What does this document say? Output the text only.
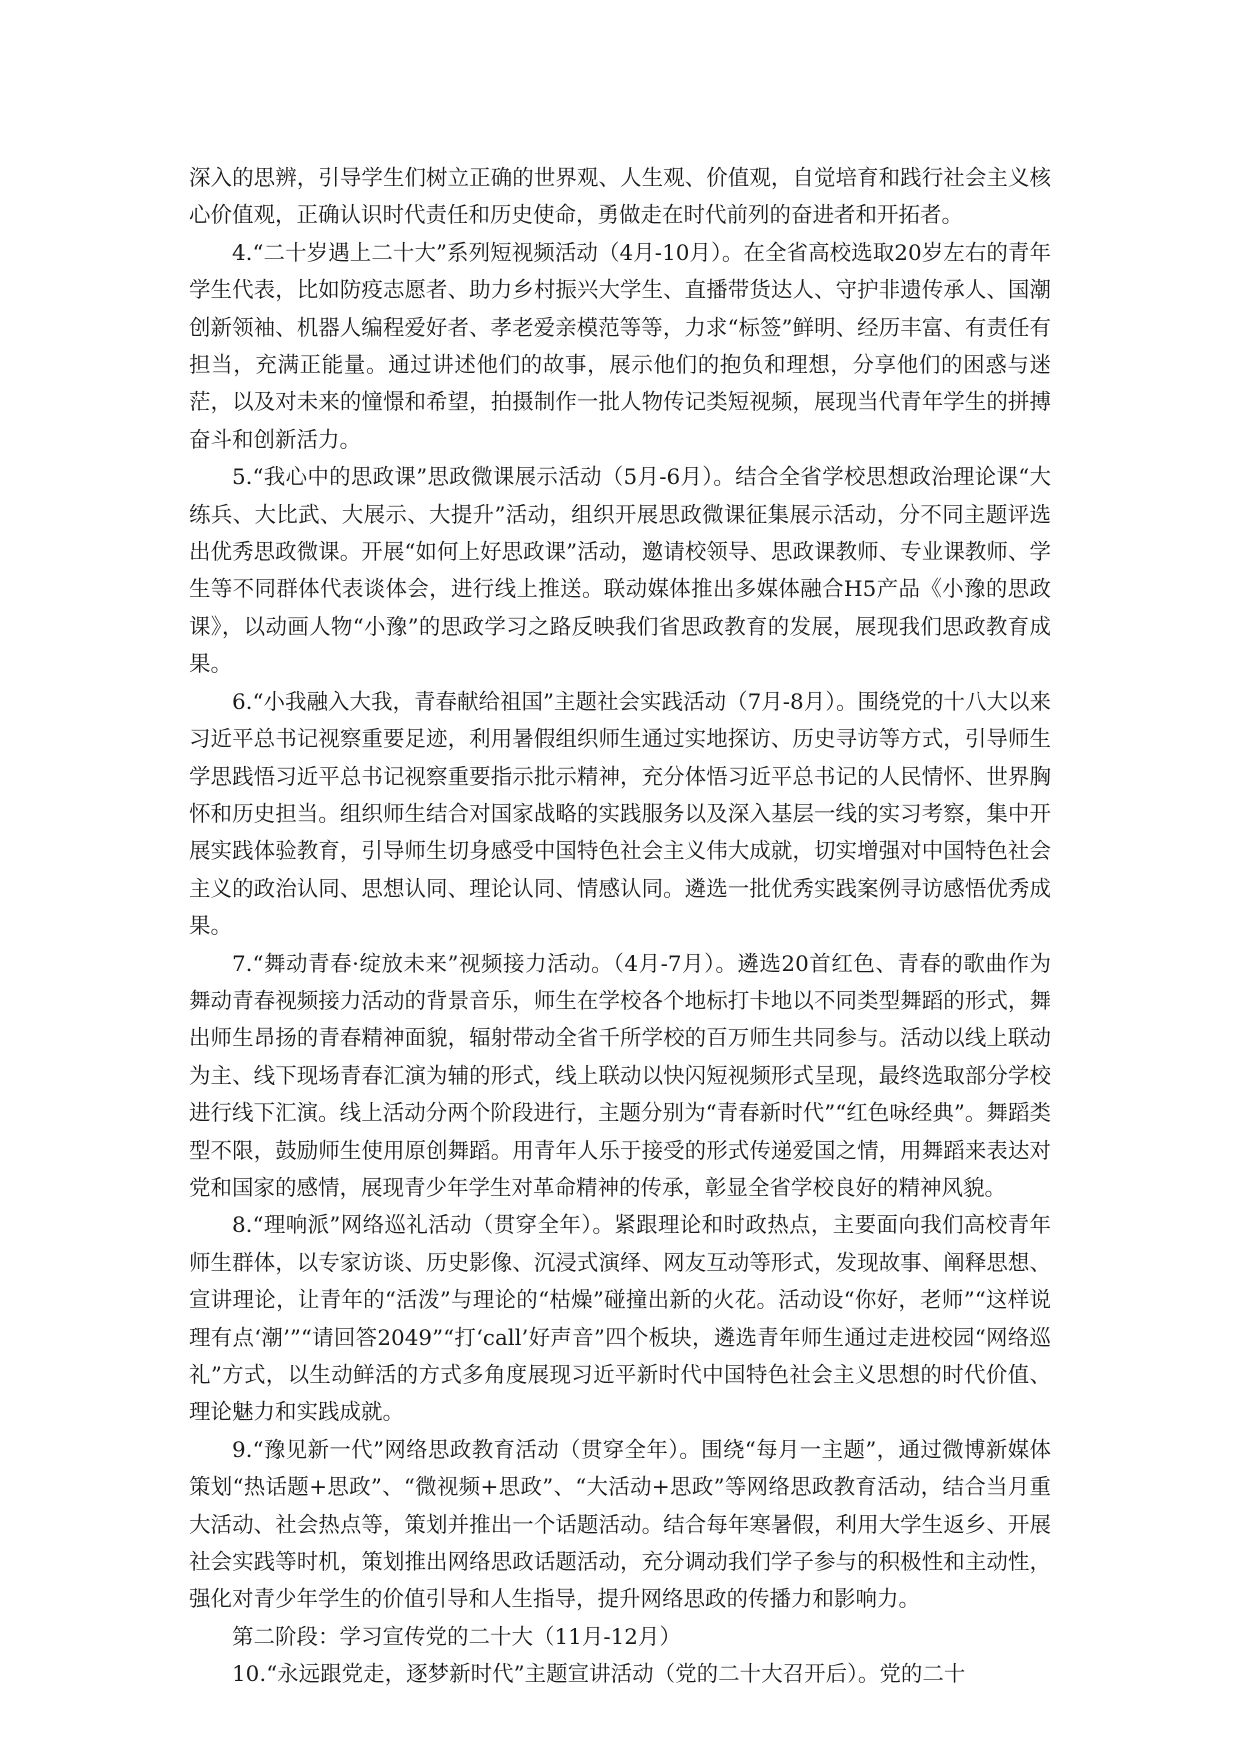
深入的思辨，引导学生们树立正确的世界观、人生观、价值观，自觉培育和践行社会主义核心价值观，正确认识时代责任和历史使命，勇做走在时代前列的奋进者和开拓者。

4.“二十岁遇上二十大”系列短视频活动（4月-10月）。在全省高校选取20岁左右的青年学生代表，比如防疫志愿者、助力乡村振兴大学生、直播带货达人、守护非遗传承人、国潮创新领袖、机器人编程爱好者、孝老爱亲模范等等，力求“标签”鲜明、经历丰富、有责任有担当，充满正能量。通过讲述他们的故事，展示他们的抱负和理想，分享他们的困惑与迷茫，以及对未来的憧憬和希望，拍摄制作一批人物传记类短视频，展现当代青年学生的拼搏奋斗和创新活力。

5.“我心中的思政课”思政微课展示活动（5月-6月）。结合全省学校思想政治理论课“大练兵、大比武、大展示、大提升”活动，组织开展思政微课征集展示活动，分不同主题评选出优秀思政微课。开展“如何上好思政课”活动，邀请校领导、思政课教师、专业课教师、学生等不同群体代表谈体会，进行线上推送。联动媒体推出多媒体融合H5产品《小豫的思政课》，以动画人物“小豫”的思政学习之路反映我们省思政教育的发展，展现我们思政教育成果。

6.“小我融入大我，青春献给祖国”主题社会实践活动（7月-8月）。围绕党的十八大以来习近平总书记视察重要足迹，利用暑假组织师生通过实地探访、历史寻访等方式，引导师生学思践悟习近平总书记视察重要指示批示精神，充分体悟习近平总书记的人民情怀、世界胸怀和历史担当。组织师生结合对国家战略的实践服务以及深入基层一线的实习考察，集中开展实践体验教育，引导师生切身感受中国特色社会主义伟大成就，切实增强对中国特色社会主义的政治认同、思想认同、理论认同、情感认同。遴选一批优秀实践案例寻访感悟优秀成果。

7.“舞动青春·绽放未来”视频接力活动。（4月-7月）。遴选20首红色、青春的歌曲作为舞动青春视频接力活动的背景音乐，师生在学校各个地标打卡地以不同类型舞蹈的形式，舞出师生昂扬的青春精神面貌，辐射带动全省千所学校的百万师生共同参与。活动以线上联动为主、线下现场青春汇演为辅的形式，线上联动以快闪短视频形式呈现，最终选取部分学校进行线下汇演。线上活动分两个阶段进行，主题分别为“青春新时代”“红色咏经典”。舞蹈类型不限，鼓励师生使用原创舞蹈。用青年人乐于接受的形式传递爱国之情，用舞蹈来表达对党和国家的感情，展现青少年学生对革命精神的传承，彰显全省学校良好的精神风貌。

8.“理响派”网络巡礼活动（贯穿全年）。紧跟理论和时政热点，主要面向我们高校青年师生群体，以专家访谈、历史影像、沉浸式演绎、网友互动等形式，发现故事、阐释思想、宣讲理论，让青年的“活泼”与理论的“枯燥”碰撞出新的火花。活动设“你好，老师”“这样说理有点‘潮’”“请回答2049”“打‘call’好声音”四个板块，遴选青年师生通过走进校园“网络巡礼”方式，以生动鲜活的方式多角度展现习近平新时代中国特色社会主义思想的时代价值、理论魅力和实践成就。

9.“豫见新一代”网络思政教育活动（贯穿全年）。围绕“每月一主题”，通过微博新媒体策划“热话题+思政”、“微视频+思政”、“大活动+思政”等网络思政教育活动，结合当月重大活动、社会热点等，策划并推出一个话题活动。结合每年寒暑假，利用大学生返乡、开展社会实践等时机，策划推出网络思政话题活动，充分调动我们学子参与的积极性和主动性，强化对青少年学生的价值引导和人生指导，提升网络思政的传播力和影响力。

第二阶段：学习宣传党的二十大（11月-12月）

10.“永远跟党走，逐梦新时代”主题宣讲活动（党的二十大召开后）。党的二十
